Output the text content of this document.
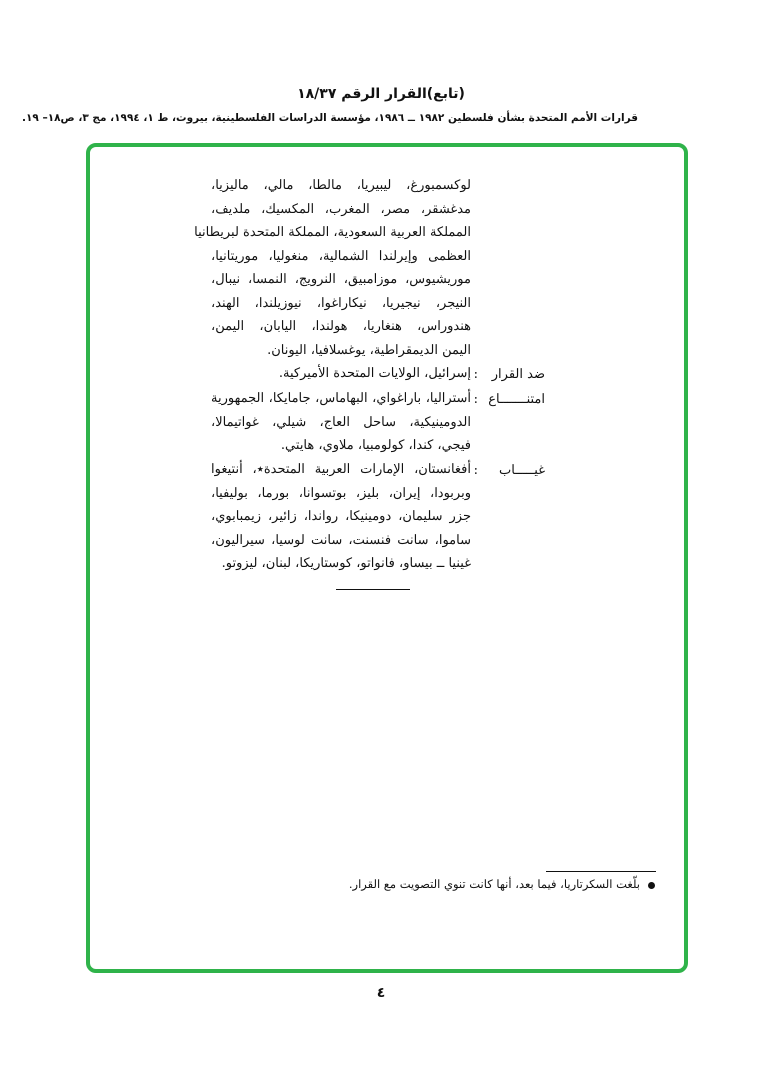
(تابع)القرار الرقم ١٨/٣٧
قرارات الأمم المتحدة بشأن فلسطين ١٩٨٢ ــ ١٩٨٦، مؤسسة الدراسات الفلسطينية، بيروت، ط ١، ١٩٩٤، مج ٣، ص١٨– ١٩.
لوكسمبورغ، ليبيريا، مالطا، مالي، ماليزيا،
مدغشقر، مصر، المغرب، المكسيك، ملديف،
المملكة العربية السعودية، المملكة المتحدة لبريطانيا
العظمى وإيرلندا الشمالية، منغوليا، موريتانيا،
موريشيوس، موزامبيق، النرويج، النمسا، نيبال،
النيجر، نيجيريا، نيكاراغوا، نيوزيلندا، الهند،
هندوراس، هنغاريا، هولندا، اليابان، اليمن،
اليمن الديمقراطية، يوغسلافيا، اليونان.
ضد القرار
:
إسرائيل، الولايات المتحدة الأميركية.
امتنـــــــاع
:
أستراليا، باراغواي، البهاماس، جامايكا، الجمهورية
الدومينيكية، ساحل العاج، شيلي، غواتيمالا،
فيجي، كندا، كولومبيا، ملاوي، هايتي.
غيـــــاب
:
أفغانستان، الإمارات العربية المتحدة٭، أنتيغوا
وبربودا، إيران، بليز، بوتسوانا، بورما، بوليفيا،
جزر سليمان، دومينيكا، رواندا، زائير، زيمبابوي،
ساموا، سانت فنسنت، سانت لوسيا، سيراليون،
غينيا ــ بيساو، فانواتو، كوستاريكا، لبنان، ليزوتو.
بلّغت السكرتاريا، فيما بعد، أنها كانت تنوي التصويت مع القرار.
٤
